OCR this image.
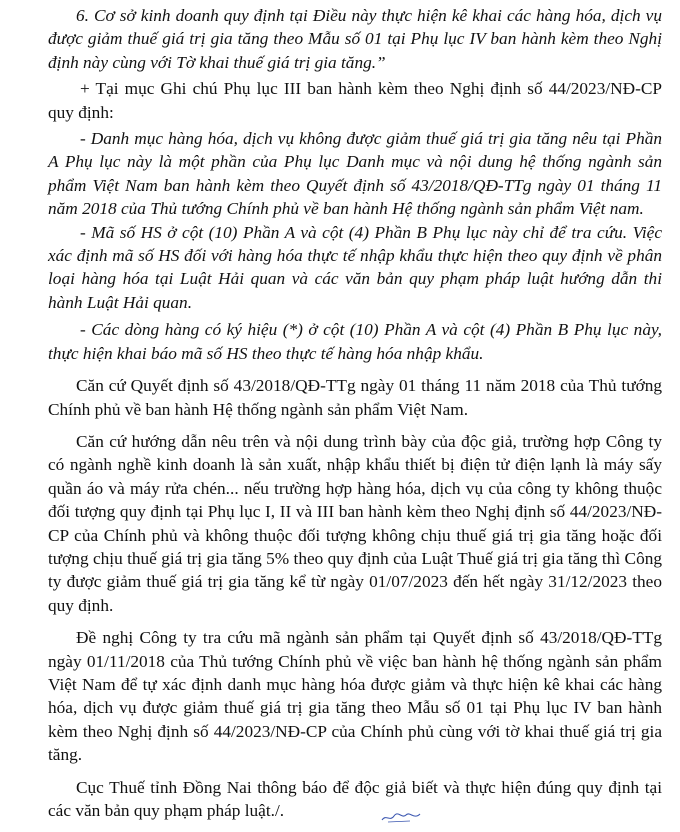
6. Cơ sở kinh doanh quy định tại Điều này thực hiện kê khai các hàng hóa, dịch vụ được giảm thuế giá trị gia tăng theo Mẫu số 01 tại Phụ lục IV ban hành kèm theo Nghị định này cùng với Tờ khai thuế giá trị gia tăng.”

+ Tại mục Ghi chú Phụ lục III ban hành kèm theo Nghị định số 44/2023/NĐ-CP quy định:

- Danh mục hàng hóa, dịch vụ không được giảm thuế giá trị gia tăng nêu tại Phần A Phụ lục này là một phần của Phụ lục Danh mục và nội dung hệ thống ngành sản phẩm Việt Nam ban hành kèm theo Quyết định số 43/2018/QĐ-TTg ngày 01 tháng 11 năm 2018 của Thủ tướng Chính phủ về ban hành Hệ thống ngành sản phẩm Việt nam.

- Mã số HS ở cột (10) Phần A và cột (4) Phần B Phụ lục này chỉ để tra cứu. Việc xác định mã số HS đối với hàng hóa thực tế nhập khẩu thực hiện theo quy định về phân loại hàng hóa tại Luật Hải quan và các văn bản quy phạm pháp luật hướng dẫn thi hành Luật Hải quan.

- Các dòng hàng có ký hiệu (*) ở cột (10) Phần A và cột (4) Phần B Phụ lục này, thực hiện khai báo mã số HS theo thực tế hàng hóa nhập khẩu.

Căn cứ Quyết định số 43/2018/QĐ-TTg ngày 01 tháng 11 năm 2018 của Thủ tướng Chính phủ về ban hành Hệ thống ngành sản phẩm Việt Nam.

Căn cứ hướng dẫn nêu trên và nội dung trình bày của độc giả, trường hợp Công ty có ngành nghề kinh doanh là sản xuất, nhập khẩu thiết bị điện tử điện lạnh là máy sấy quần áo và máy rửa chén... nếu trường hợp hàng hóa, dịch vụ của công ty không thuộc đối tượng quy định tại Phụ lục I, II và III ban hành kèm theo Nghị định số 44/2023/NĐ-CP của Chính phủ và không thuộc đối tượng không chịu thuế giá trị gia tăng hoặc đối tượng chịu thuế giá trị gia tăng 5% theo quy định của Luật Thuế giá trị gia tăng thì Công ty được giảm thuế giá trị gia tăng kể từ ngày 01/07/2023 đến hết ngày 31/12/2023 theo quy định.

Đề nghị Công ty tra cứu mã ngành sản phẩm tại Quyết định số 43/2018/QĐ-TTg ngày 01/11/2018 của Thủ tướng Chính phủ về việc ban hành hệ thống ngành sản phẩm Việt Nam để tự xác định danh mục hàng hóa được giảm và thực hiện kê khai các hàng hóa, dịch vụ được giảm thuế giá trị gia tăng theo Mẫu số 01 tại Phụ lục IV ban hành kèm theo Nghị định số 44/2023/NĐ-CP của Chính phủ cùng với tờ khai thuế giá trị gia tăng.

Cục Thuế tỉnh Đồng Nai thông báo để độc giả biết và thực hiện đúng quy định tại các văn bản quy phạm pháp luật./.
